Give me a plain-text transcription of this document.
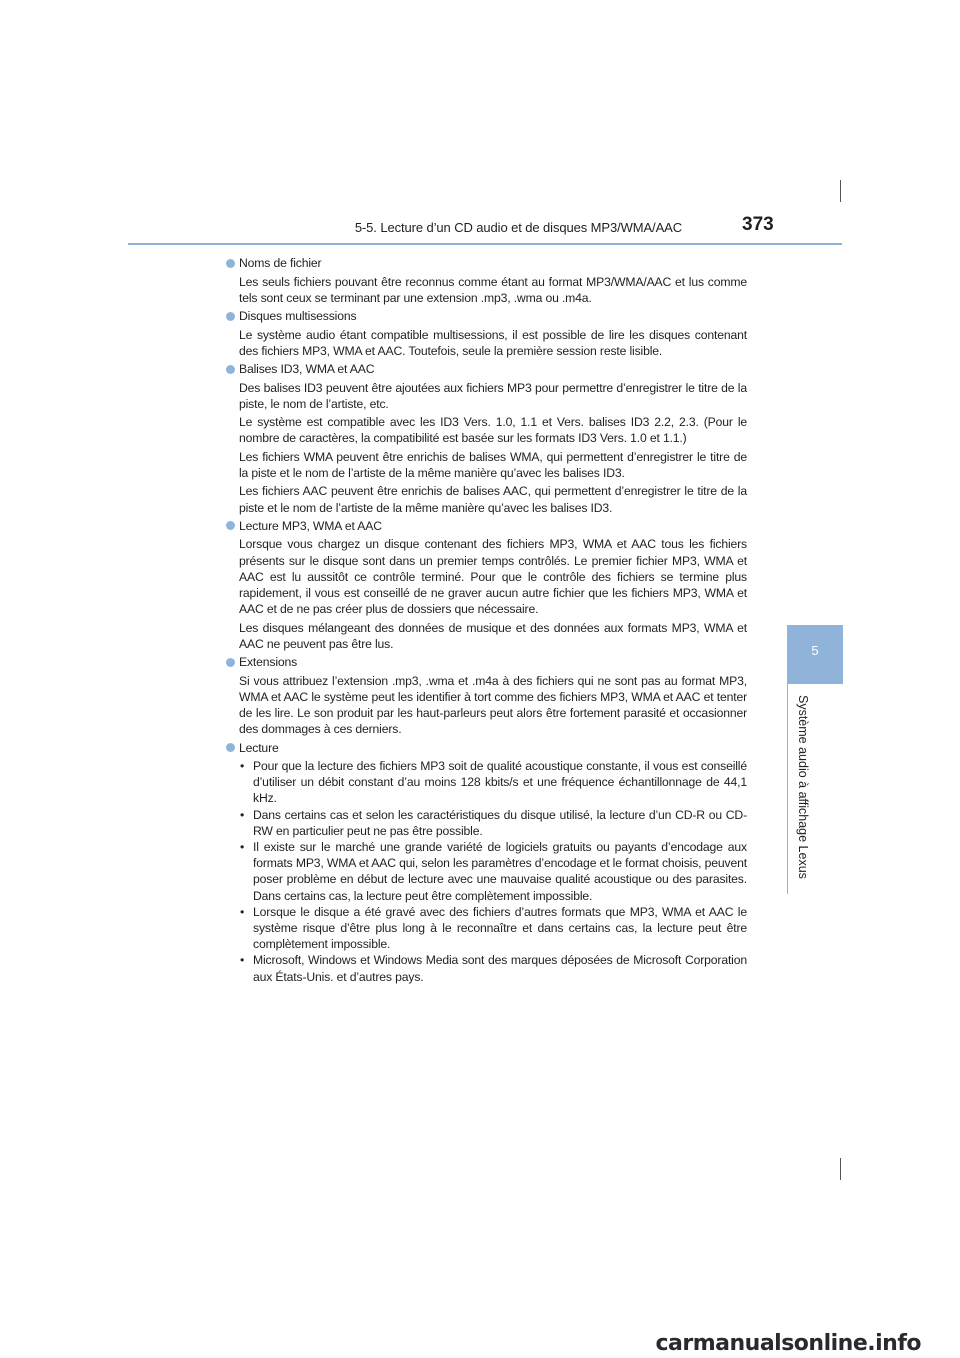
5-5. Lecture d’un CD audio et de disques MP3/WMA/AAC	373
5
Système audio à affichage Lexus
Noms de fichier
Les seuls fichiers pouvant être reconnus comme étant au format MP3/WMA/AAC et lus comme tels sont ceux se terminant par une extension .mp3, .wma ou .m4a.
Disques multisessions
Le système audio étant compatible multisessions, il est possible de lire les disques contenant des fichiers MP3, WMA et AAC. Toutefois, seule la première session reste lisible.
Balises ID3, WMA et AAC
Des balises ID3 peuvent être ajoutées aux fichiers MP3 pour permettre d’enregistrer le titre de la piste, le nom de l’artiste, etc.
Le système est compatible avec les ID3 Vers. 1.0, 1.1 et Vers. balises ID3 2.2, 2.3. (Pour le nombre de caractères, la compatibilité est basée sur les formats ID3 Vers. 1.0 et 1.1.)
Les fichiers WMA peuvent être enrichis de balises WMA, qui permettent d’enregistrer le titre de la piste et le nom de l’artiste de la même manière qu’avec les balises ID3.
Les fichiers AAC peuvent être enrichis de balises AAC, qui permettent d’enregistrer le titre de la piste et le nom de l’artiste de la même manière qu’avec les balises ID3.
Lecture MP3, WMA et AAC
Lorsque vous chargez un disque contenant des fichiers MP3, WMA et AAC tous les fichiers présents sur le disque sont dans un premier temps contrôlés. Le premier fichier MP3, WMA et AAC est lu aussitôt ce contrôle terminé. Pour que le contrôle des fichiers se termine plus rapidement, il vous est conseillé de ne graver aucun autre fichier que les fichiers MP3, WMA et AAC et de ne pas créer plus de dossiers que nécessaire.
Les disques mélangeant des données de musique et des données aux formats MP3, WMA et AAC ne peuvent pas être lus.
Extensions
Si vous attribuez l’extension .mp3, .wma et .m4a à des fichiers qui ne sont pas au format MP3, WMA et AAC le système peut les identifier à tort comme des fichiers MP3, WMA et AAC et tenter de les lire. Le son produit par les haut-parleurs peut alors être fortement parasité et occasionner des dommages à ces derniers.
Lecture
• Pour que la lecture des fichiers MP3 soit de qualité acoustique constante, il vous est conseillé d’utiliser un débit constant d’au moins 128 kbits/s et une fréquence échantillonnage de 44,1 kHz.
• Dans certains cas et selon les caractéristiques du disque utilisé, la lecture d’un CD-R ou CD-RW en particulier peut ne pas être possible.
• Il existe sur le marché une grande variété de logiciels gratuits ou payants d’encodage aux formats MP3, WMA et AAC qui, selon les paramètres d’encodage et le format choisis, peuvent poser problème en début de lecture avec une mauvaise qualité acoustique ou des parasites. Dans certains cas, la lecture peut être complètement impossible.
• Lorsque le disque a été gravé avec des fichiers d’autres formats que MP3, WMA et AAC le système risque d’être plus long à le reconnaître et dans certains cas, la lecture peut être complètement impossible.
• Microsoft, Windows et Windows Media sont des marques déposées de Microsoft Corporation aux États-Unis. et d’autres pays.
carmanualsonline.info
